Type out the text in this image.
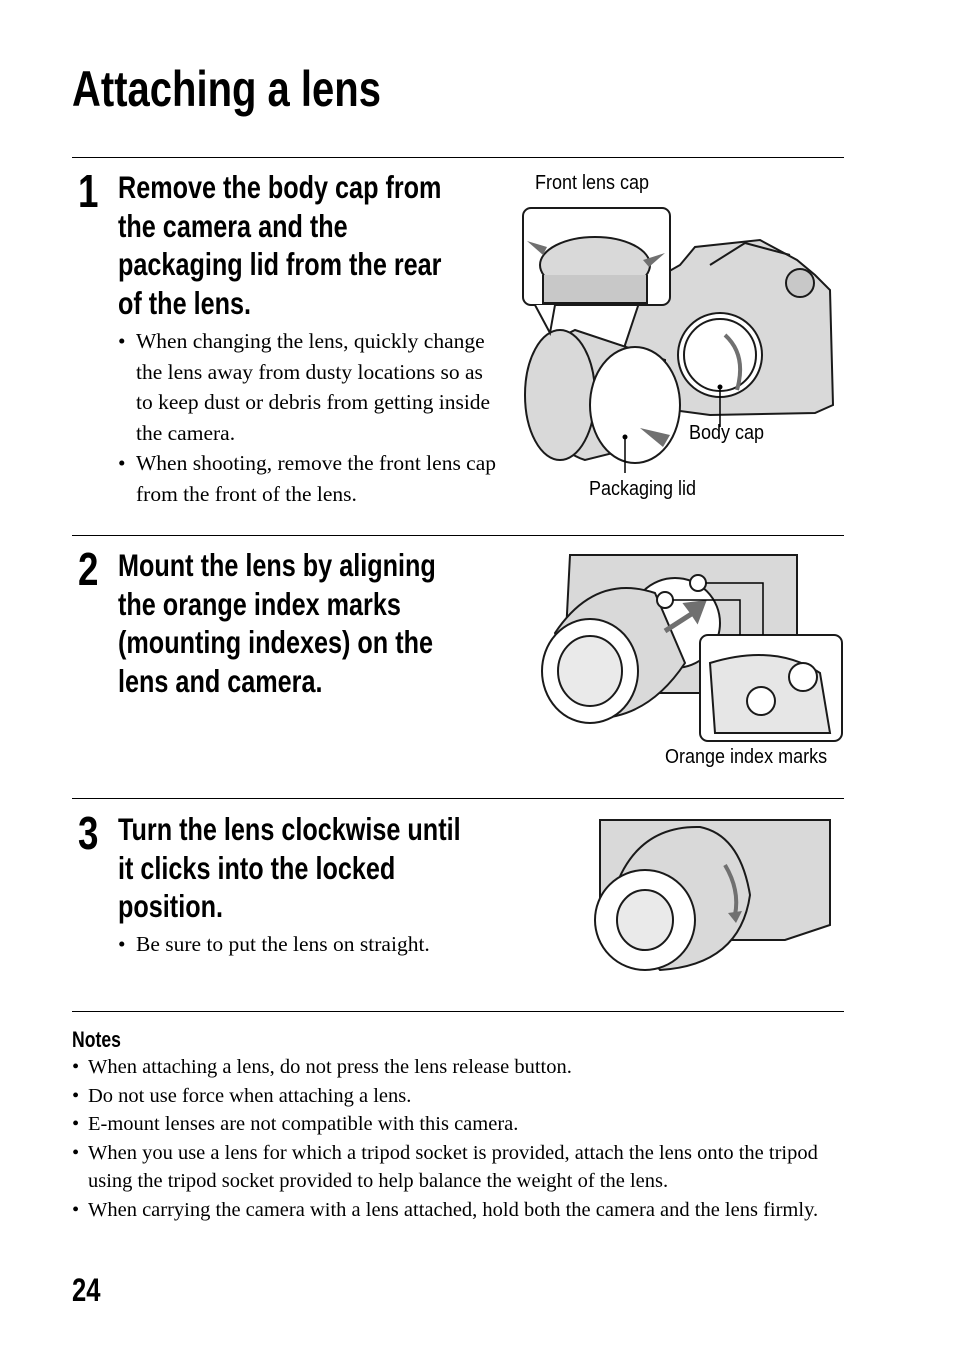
Attaching a lens
1 Remove the body cap from
the camera and the
packaging lid from the rear
of the lens.
• When changing the lens, quickly change the lens away from dusty locations so as to keep dust or debris from getting inside the camera.
• When shooting, remove the front lens cap from the front of the lens.
Front lens cap
Body cap
Packaging lid
2 Mount the lens by aligning
the orange index marks
(mounting indexes) on the
lens and camera.
Orange index marks
3 Turn the lens clockwise until
it clicks into the locked
position.
• Be sure to put the lens on straight.
Notes
• When attaching a lens, do not press the lens release button.
• Do not use force when attaching a lens.
• E-mount lenses are not compatible with this camera.
• When you use a lens for which a tripod socket is provided, attach the lens onto the tripod using the tripod socket provided to help balance the weight of the lens.
• When carrying the camera with a lens attached, hold both the camera and the lens firmly.
24
